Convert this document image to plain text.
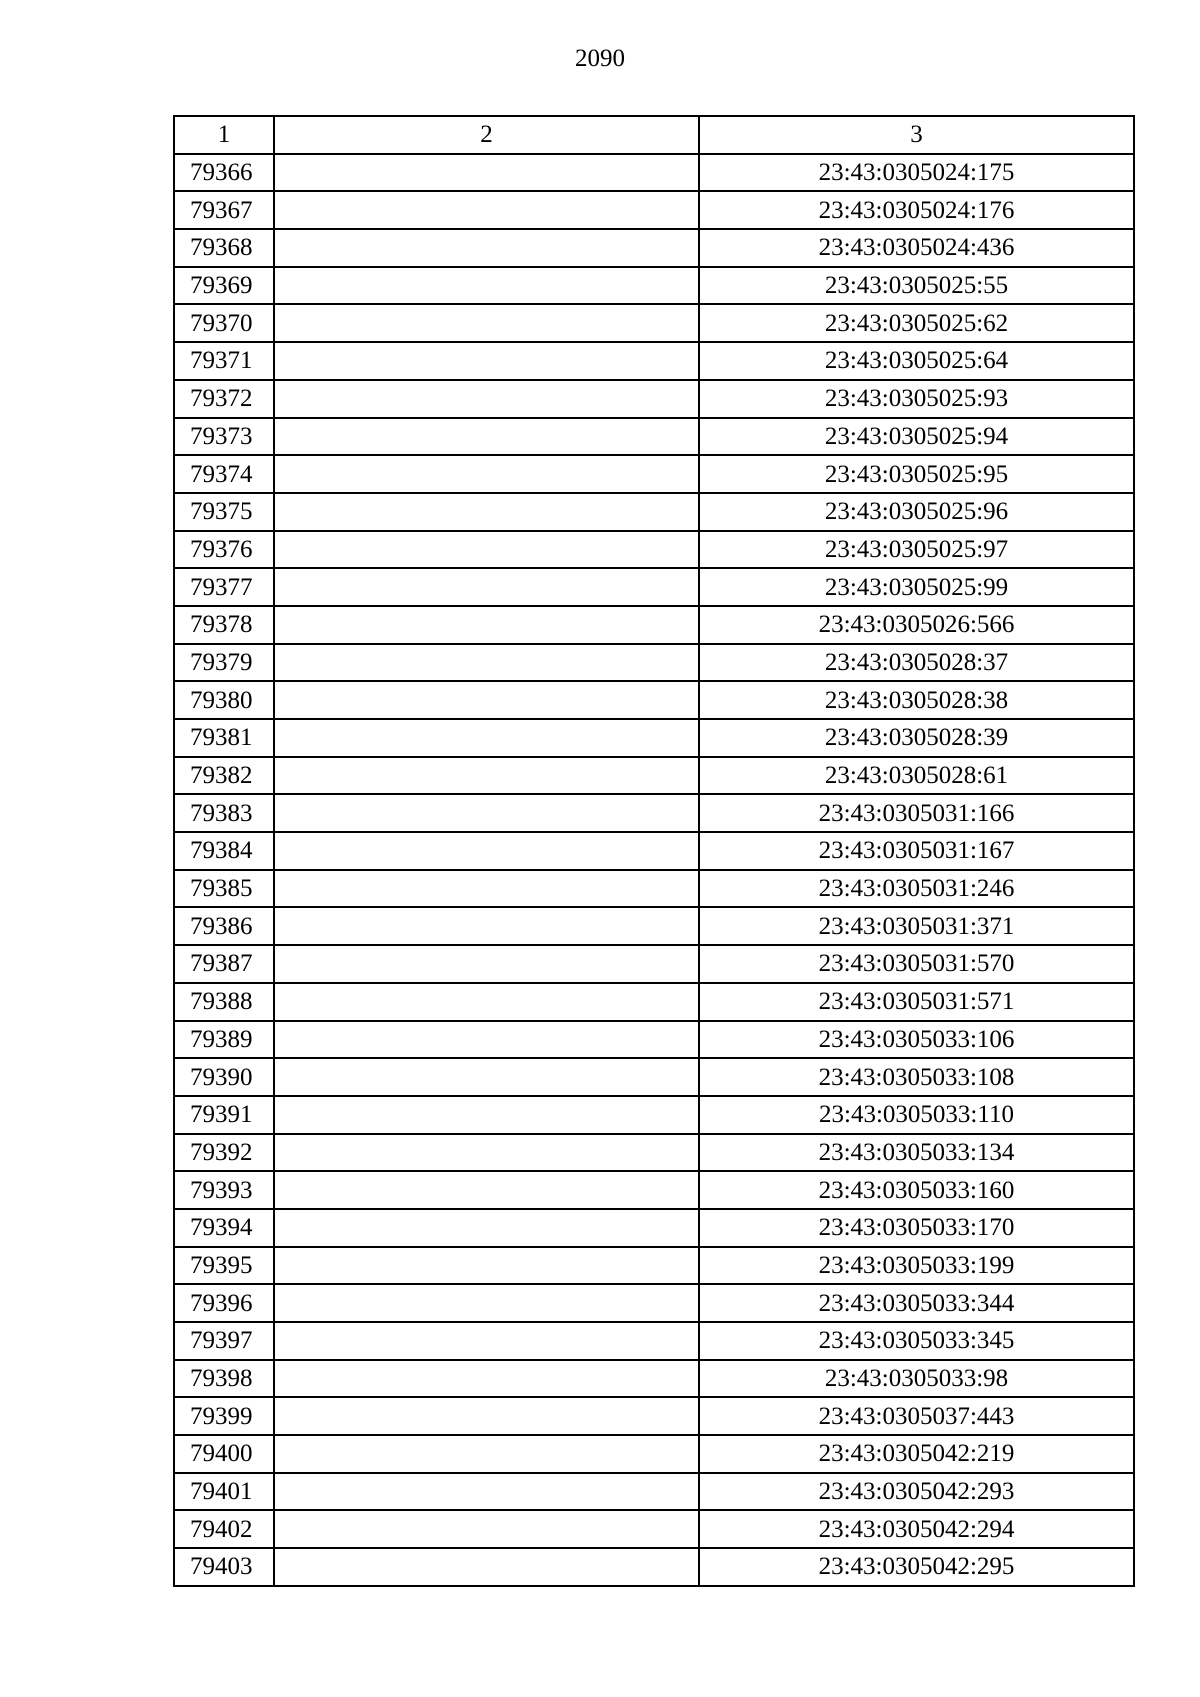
2090
1	2	3
79366		23:43:0305024:175
79367		23:43:0305024:176
79368		23:43:0305024:436
79369		23:43:0305025:55
79370		23:43:0305025:62
79371		23:43:0305025:64
79372		23:43:0305025:93
79373		23:43:0305025:94
79374		23:43:0305025:95
79375		23:43:0305025:96
79376		23:43:0305025:97
79377		23:43:0305025:99
79378		23:43:0305026:566
79379		23:43:0305028:37
79380		23:43:0305028:38
79381		23:43:0305028:39
79382		23:43:0305028:61
79383		23:43:0305031:166
79384		23:43:0305031:167
79385		23:43:0305031:246
79386		23:43:0305031:371
79387		23:43:0305031:570
79388		23:43:0305031:571
79389		23:43:0305033:106
79390		23:43:0305033:108
79391		23:43:0305033:110
79392		23:43:0305033:134
79393		23:43:0305033:160
79394		23:43:0305033:170
79395		23:43:0305033:199
79396		23:43:0305033:344
79397		23:43:0305033:345
79398		23:43:0305033:98
79399		23:43:0305037:443
79400		23:43:0305042:219
79401		23:43:0305042:293
79402		23:43:0305042:294
79403		23:43:0305042:295
